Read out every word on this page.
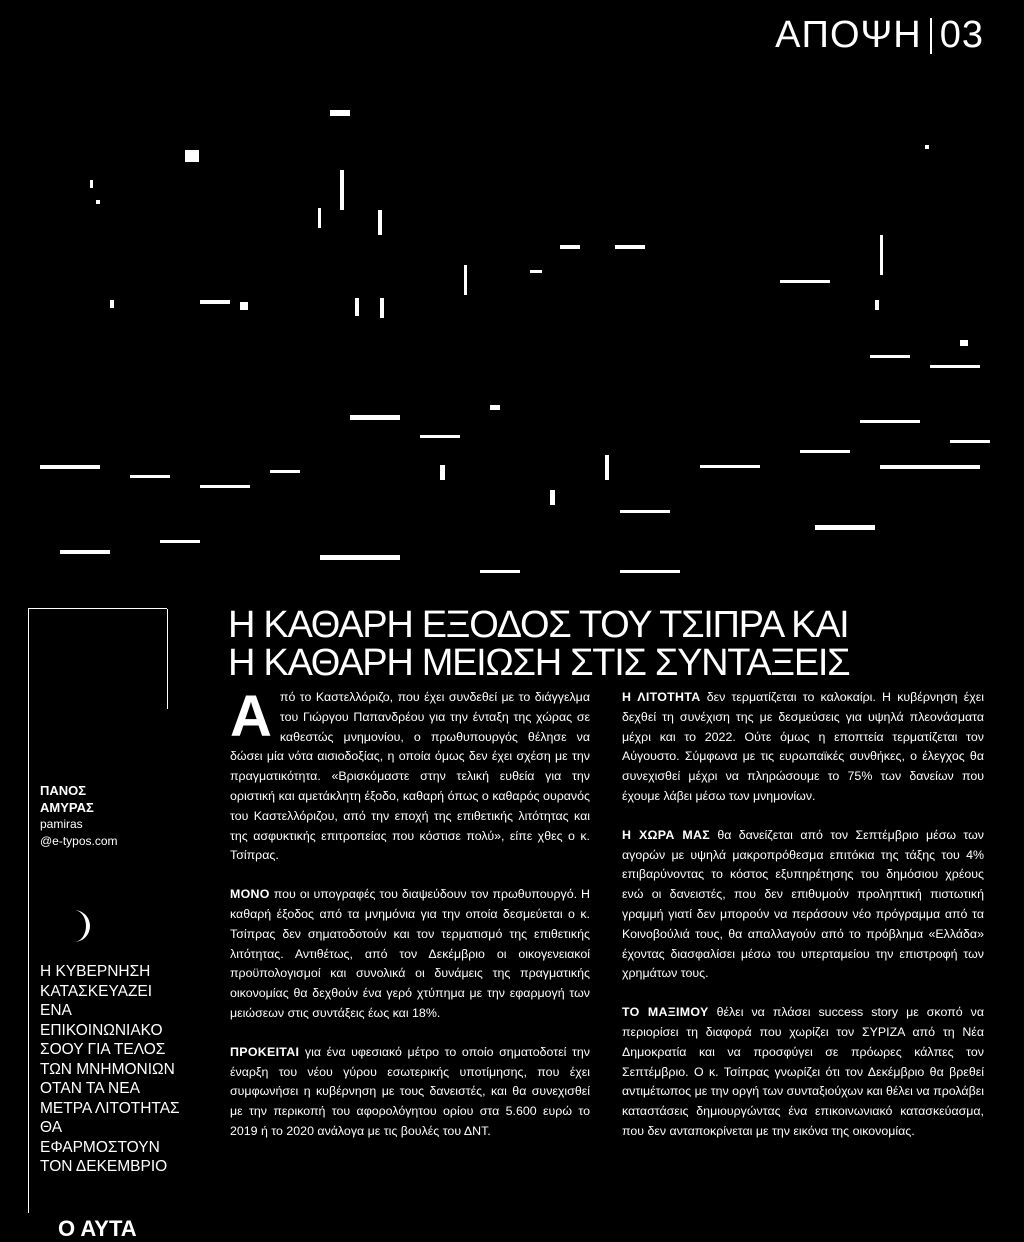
ΑΠΟΨΗ 03
ΠΑΝΟΣ
ΑΜΥΡΑΣ
pamiras
@e-typos.com
Η ΚΥΒΕΡΝΗΣΗ ΚΑΤΑΣΚΕΥΑΖΕΙ ΕΝΑ ΕΠΙΚΟΙΝΩΝΙΑΚΟ ΣΟΟΥ ΓΙΑ ΤΕΛΟΣ ΤΩΝ ΜΝΗΜΟΝΙΩΝ ΟΤΑΝ ΤΑ ΝΕΑ ΜΕΤΡΑ ΛΙΤΟΤΗΤΑΣ ΘΑ ΕΦΑΡΜΟΣΤΟΥΝ ΤΟΝ ΔΕΚΕΜΒΡΙΟ
Ο ΑΥΤΑ
Η ΚΑΘΑΡΗ ΕΞΟΔΟΣ ΤΟΥ ΤΣΙΠΡΑ ΚΑΙ
Η ΚΑΘΑΡΗ ΜΕΙΩΣΗ ΣΤΙΣ ΣΥΝΤΑΞΕΙΣ

Από το Καστελλόριζο, που έχει συνδεθεί με το διάγγελμα του Γιώργου Παπανδρέου για την ένταξη της χώρας σε καθεστώς μνημονίου, ο πρωθυπουργός θέλησε να δώσει μία νότα αισιοδοξίας, η οποία όμως δεν έχει σχέση με την πραγματικότητα. «Βρισκόμαστε στην τελική ευθεία για την οριστική και αμετάκλητη έξοδο, καθαρή όπως ο καθαρός ουρανός του Καστελλόριζου, από την εποχή της επιθετικής λιτότητας και της ασφυκτικής επιτροπείας που κόστισε πολύ», είπε χθες ο κ. Τσίπρας.

ΜΟΝΟ που οι υπογραφές του διαψεύδουν τον πρωθυπουργό. Η καθαρή έξοδος από τα μνημόνια για την οποία δεσμεύεται ο κ. Τσίπρας δεν σηματοδοτούν και τον τερματισμό της επιθετικής λιτότητας. Αντιθέτως, από τον Δεκέμβριο οι οικογενειακοί προϋπολογισμοί και συνολικά οι δυνάμεις της πραγματικής οικονομίας θα δεχθούν ένα γερό χτύπημα με την εφαρμογή των μειώσεων στις συντάξεις έως και 18%.

ΠΡΟΚΕΙΤΑΙ για ένα υφεσιακό μέτρο το οποίο σηματοδοτεί την έναρξη του νέου γύρου εσωτερικής υποτίμησης, που έχει συμφωνήσει η κυβέρνηση με τους δανειστές, και θα συνεχισθεί με την περικοπή του αφορολόγητου ορίου στα 5.600 ευρώ το 2019 ή το 2020 ανάλογα με τις βουλές του ΔΝΤ.

Η ΛΙΤΟΤΗΤΑ δεν τερματίζεται το καλοκαίρι. Η κυβέρνηση έχει δεχθεί τη συνέχιση της με δεσμεύσεις για υψηλά πλεονάσματα μέχρι και το 2022. Ούτε όμως η εποπτεία τερματίζεται τον Αύγουστο. Σύμφωνα με τις ευρωπαϊκές συνθήκες, ο έλεγχος θα συνεχισθεί μέχρι να πληρώσουμε το 75% των δανείων που έχουμε λάβει μέσω των μνημονίων.

Η ΧΩΡΑ ΜΑΣ θα δανείζεται από τον Σεπτέμβριο μέσω των αγορών με υψηλά μακροπρόθεσμα επιτόκια της τάξης του 4% επιβαρύνοντας το κόστος εξυπηρέτησης του δημόσιου χρέους ενώ οι δανειστές, που δεν επιθυμούν προληπτική πιστωτική γραμμή γιατί δεν μπορούν να περάσουν νέο πρόγραμμα από τα Κοινοβούλιά τους, θα απαλλαγούν από το πρόβλημα «Ελλάδα» έχοντας διασφαλίσει μέσω του υπερταμείου την επιστροφή των χρημάτων τους.

ΤΟ ΜΑΞΙΜΟΥ θέλει να πλάσει success story με σκοπό να περιορίσει τη διαφορά που χωρίζει τον ΣΥΡΙΖΑ από τη Νέα Δημοκρατία και να προσφύγει σε πρόωρες κάλπες τον Σεπτέμβριο. Ο κ. Τσίπρας γνωρίζει ότι τον Δεκέμβριο θα βρεθεί αντιμέτωπος με την οργή των συνταξιούχων και θέλει να προλάβει καταστάσεις δημιουργώντας ένα επικοινωνιακό κατασκεύασμα, που δεν ανταποκρίνεται με την εικόνα της οικονομίας.
